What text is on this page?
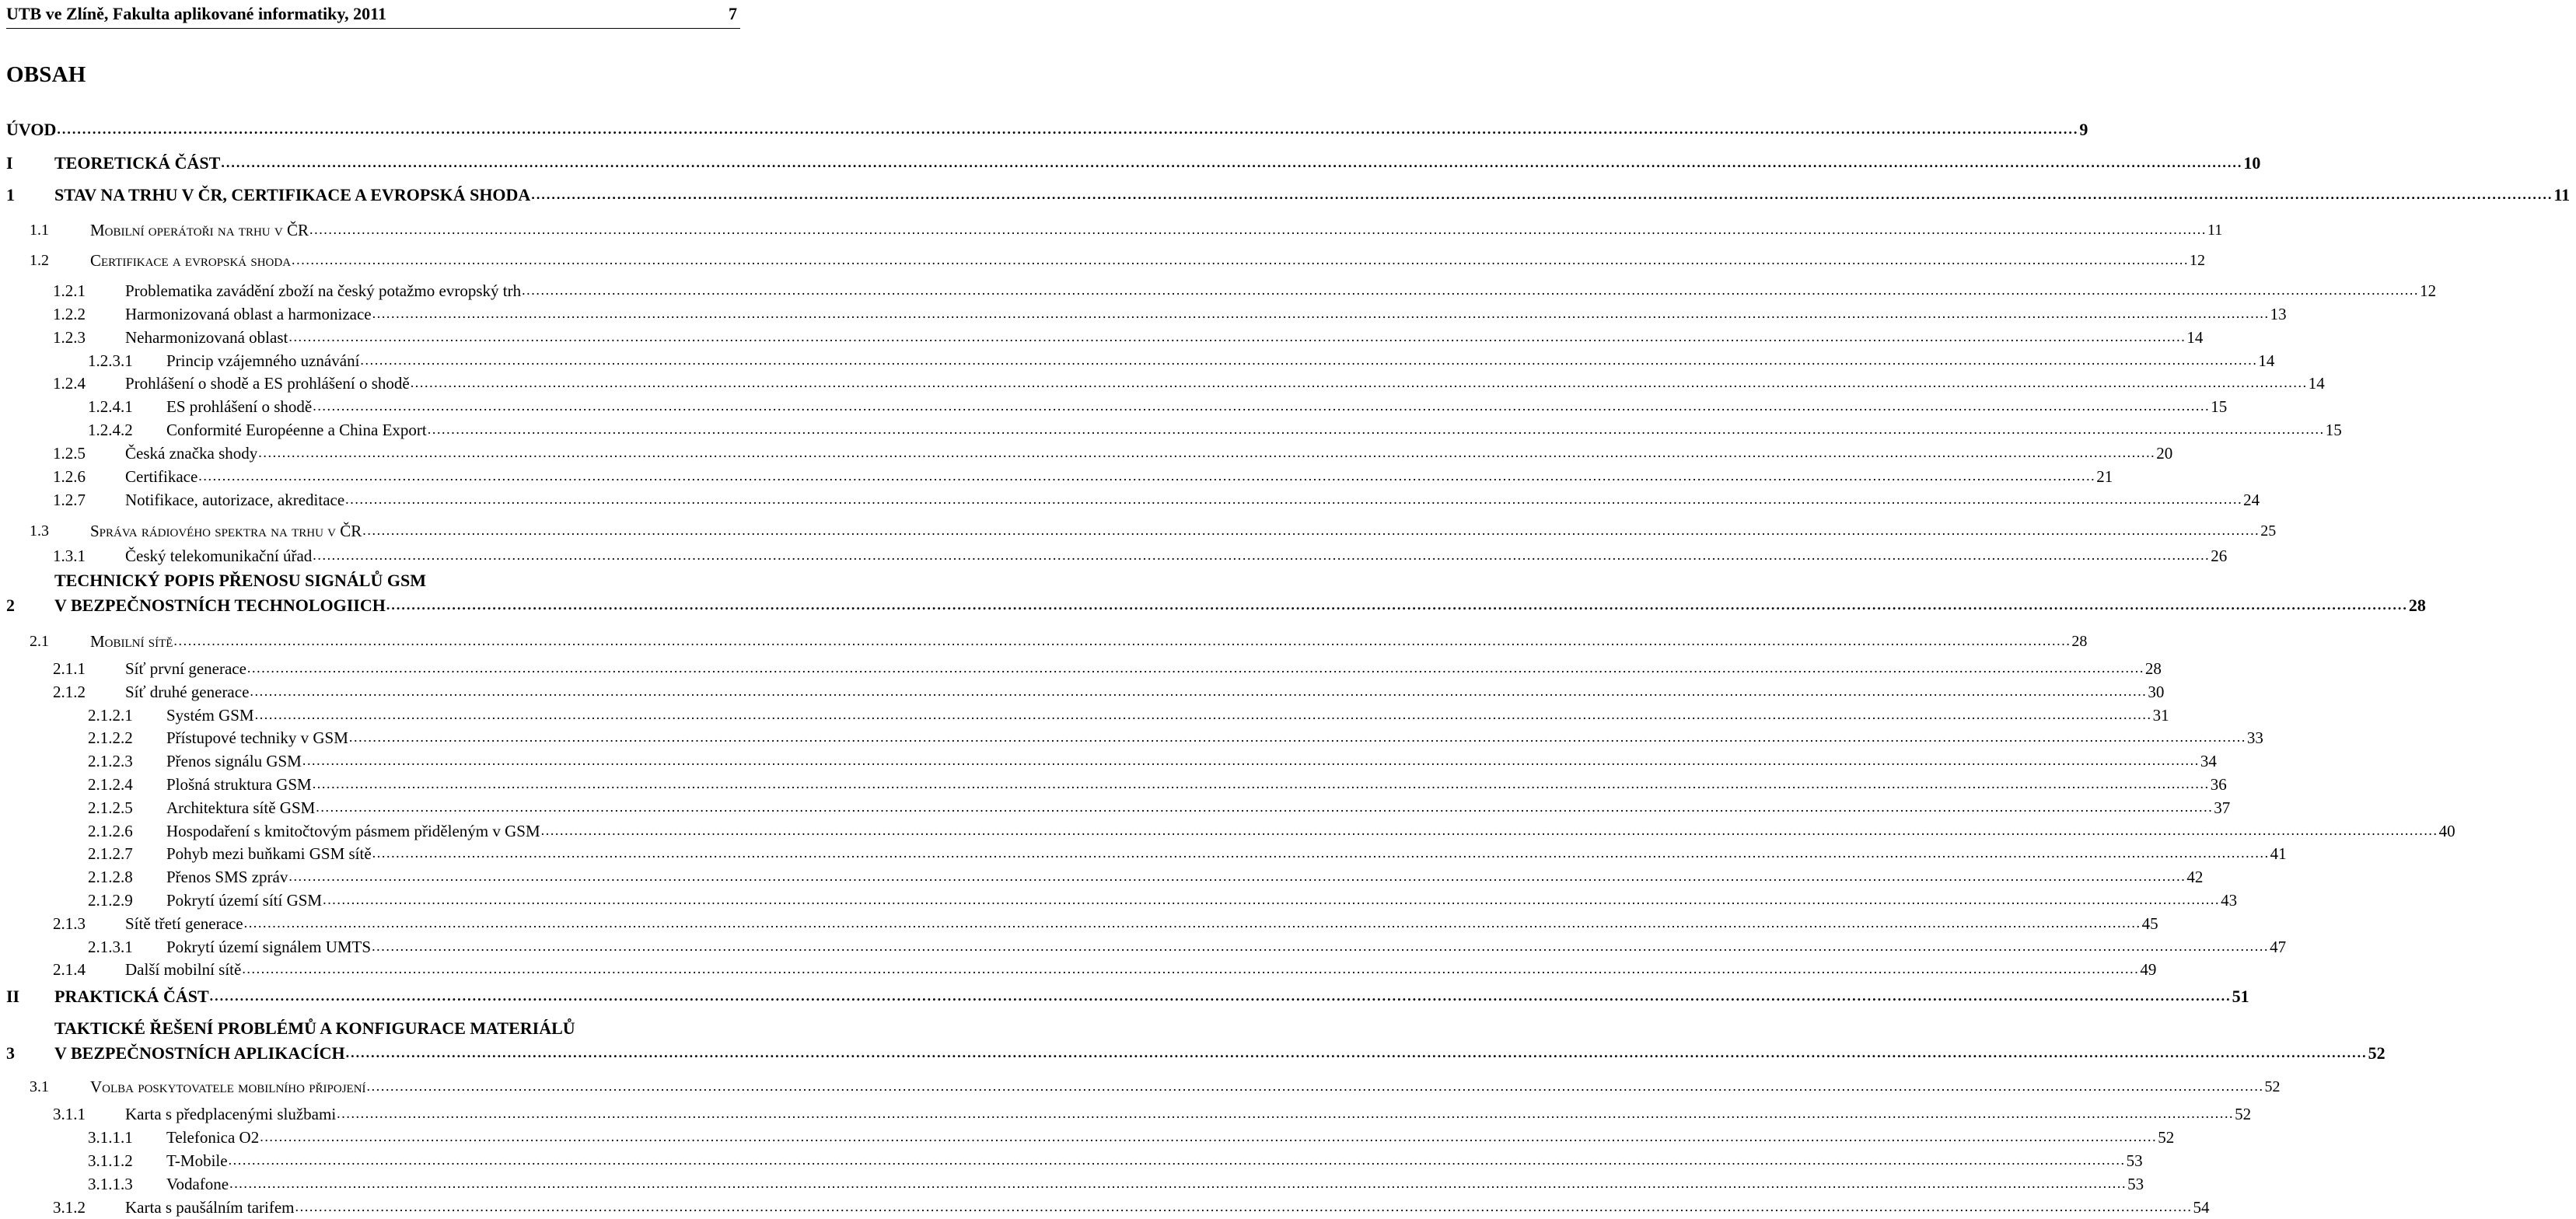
UTB ve Zlíně, Fakulta aplikované informatiky, 2011	7
OBSAH
ÚVOD ................................................................................................................................................................................................................................................................................................................................................................................................................ 9
I	TEORETICKÁ ČÁST ................................................................................................................................................................................................................................................................................................................................................................................................................ 10
1	STAV NA TRHU V ČR, CERTIFIKACE A EVROPSKÁ SHODA ................................................................................................................................................................................................................................................................................................................................................................................................................ 11
1.1	Mobilní operátoři na trhu v ČR ................................................................................................................................................................................................................................................................................................................................................................................................................ 11
1.2	Certifikace a evropská shoda ................................................................................................................................................................................................................................................................................................................................................................................................................ 12
1.2.1	Problematika zavádění zboží na český potažmo evropský trh ................................................................................................................................................................................................................................................................................................................................................................................................................ 12
1.2.2	Harmonizovaná oblast a harmonizace ................................................................................................................................................................................................................................................................................................................................................................................................................ 13
1.2.3	Neharmonizovaná oblast ................................................................................................................................................................................................................................................................................................................................................................................................................ 14
1.2.3.1	Princip vzájemného uznávání ................................................................................................................................................................................................................................................................................................................................................................................................................ 14
1.2.4	Prohlášení o shodě a ES prohlášení o shodě ................................................................................................................................................................................................................................................................................................................................................................................................................ 14
1.2.4.1	ES prohlášení o shodě ................................................................................................................................................................................................................................................................................................................................................................................................................ 15
1.2.4.2	Conformité Européenne a China Export ................................................................................................................................................................................................................................................................................................................................................................................................................ 15
1.2.5	Česká značka shody ................................................................................................................................................................................................................................................................................................................................................................................................................ 20
1.2.6	Certifikace ................................................................................................................................................................................................................................................................................................................................................................................................................ 21
1.2.7	Notifikace, autorizace, akreditace ................................................................................................................................................................................................................................................................................................................................................................................................................ 24
1.3	Správa rádiového spektra na trhu v ČR ................................................................................................................................................................................................................................................................................................................................................................................................................ 25
1.3.1	Český telekomunikační úřad ................................................................................................................................................................................................................................................................................................................................................................................................................ 26
TECHNICKÝ POPIS PŘENOSU SIGNÁLŮ GSM
2	V BEZPEČNOSTNÍCH TECHNOLOGIICH ................................................................................................................................................................................................................................................................................................................................................................................................................ 28
2.1	Mobilní sítě ................................................................................................................................................................................................................................................................................................................................................................................................................ 28
2.1.1	Síť první generace ................................................................................................................................................................................................................................................................................................................................................................................................................ 28
2.1.2	Síť druhé generace ................................................................................................................................................................................................................................................................................................................................................................................................................ 30
2.1.2.1	Systém GSM ................................................................................................................................................................................................................................................................................................................................................................................................................ 31
2.1.2.2	Přístupové techniky v GSM ................................................................................................................................................................................................................................................................................................................................................................................................................ 33
2.1.2.3	Přenos signálu GSM ................................................................................................................................................................................................................................................................................................................................................................................................................ 34
2.1.2.4	Plošná struktura GSM ................................................................................................................................................................................................................................................................................................................................................................................................................ 36
2.1.2.5	Architektura sítě GSM ................................................................................................................................................................................................................................................................................................................................................................................................................ 37
2.1.2.6	Hospodaření s kmitočtovým pásmem přiděleným v GSM ................................................................................................................................................................................................................................................................................................................................................................................................................ 40
2.1.2.7	Pohyb mezi buňkami GSM sítě ................................................................................................................................................................................................................................................................................................................................................................................................................ 41
2.1.2.8	Přenos SMS zpráv ................................................................................................................................................................................................................................................................................................................................................................................................................ 42
2.1.2.9	Pokrytí území sítí GSM ................................................................................................................................................................................................................................................................................................................................................................................................................ 43
2.1.3	Sítě třetí generace ................................................................................................................................................................................................................................................................................................................................................................................................................ 45
2.1.3.1	Pokrytí území signálem UMTS ................................................................................................................................................................................................................................................................................................................................................................................................................ 47
2.1.4	Další mobilní sítě ................................................................................................................................................................................................................................................................................................................................................................................................................ 49
II	PRAKTICKÁ ČÁST ................................................................................................................................................................................................................................................................................................................................................................................................................ 51
TAKTICKÉ ŘEŠENÍ PROBLÉMŮ A KONFIGURACE MATERIÁLŮ
3	V BEZPEČNOSTNÍCH APLIKACÍCH ................................................................................................................................................................................................................................................................................................................................................................................................................ 52
3.1	Volba poskytovatele mobilního připojení ................................................................................................................................................................................................................................................................................................................................................................................................................ 52
3.1.1	Karta s předplacenými službami ................................................................................................................................................................................................................................................................................................................................................................................................................ 52
3.1.1.1	Telefonica O2 ................................................................................................................................................................................................................................................................................................................................................................................................................ 52
3.1.1.2	T-Mobile ................................................................................................................................................................................................................................................................................................................................................................................................................ 53
3.1.1.3	Vodafone ................................................................................................................................................................................................................................................................................................................................................................................................................ 53
3.1.2	Karta s paušálním tarifem ................................................................................................................................................................................................................................................................................................................................................................................................................ 54
